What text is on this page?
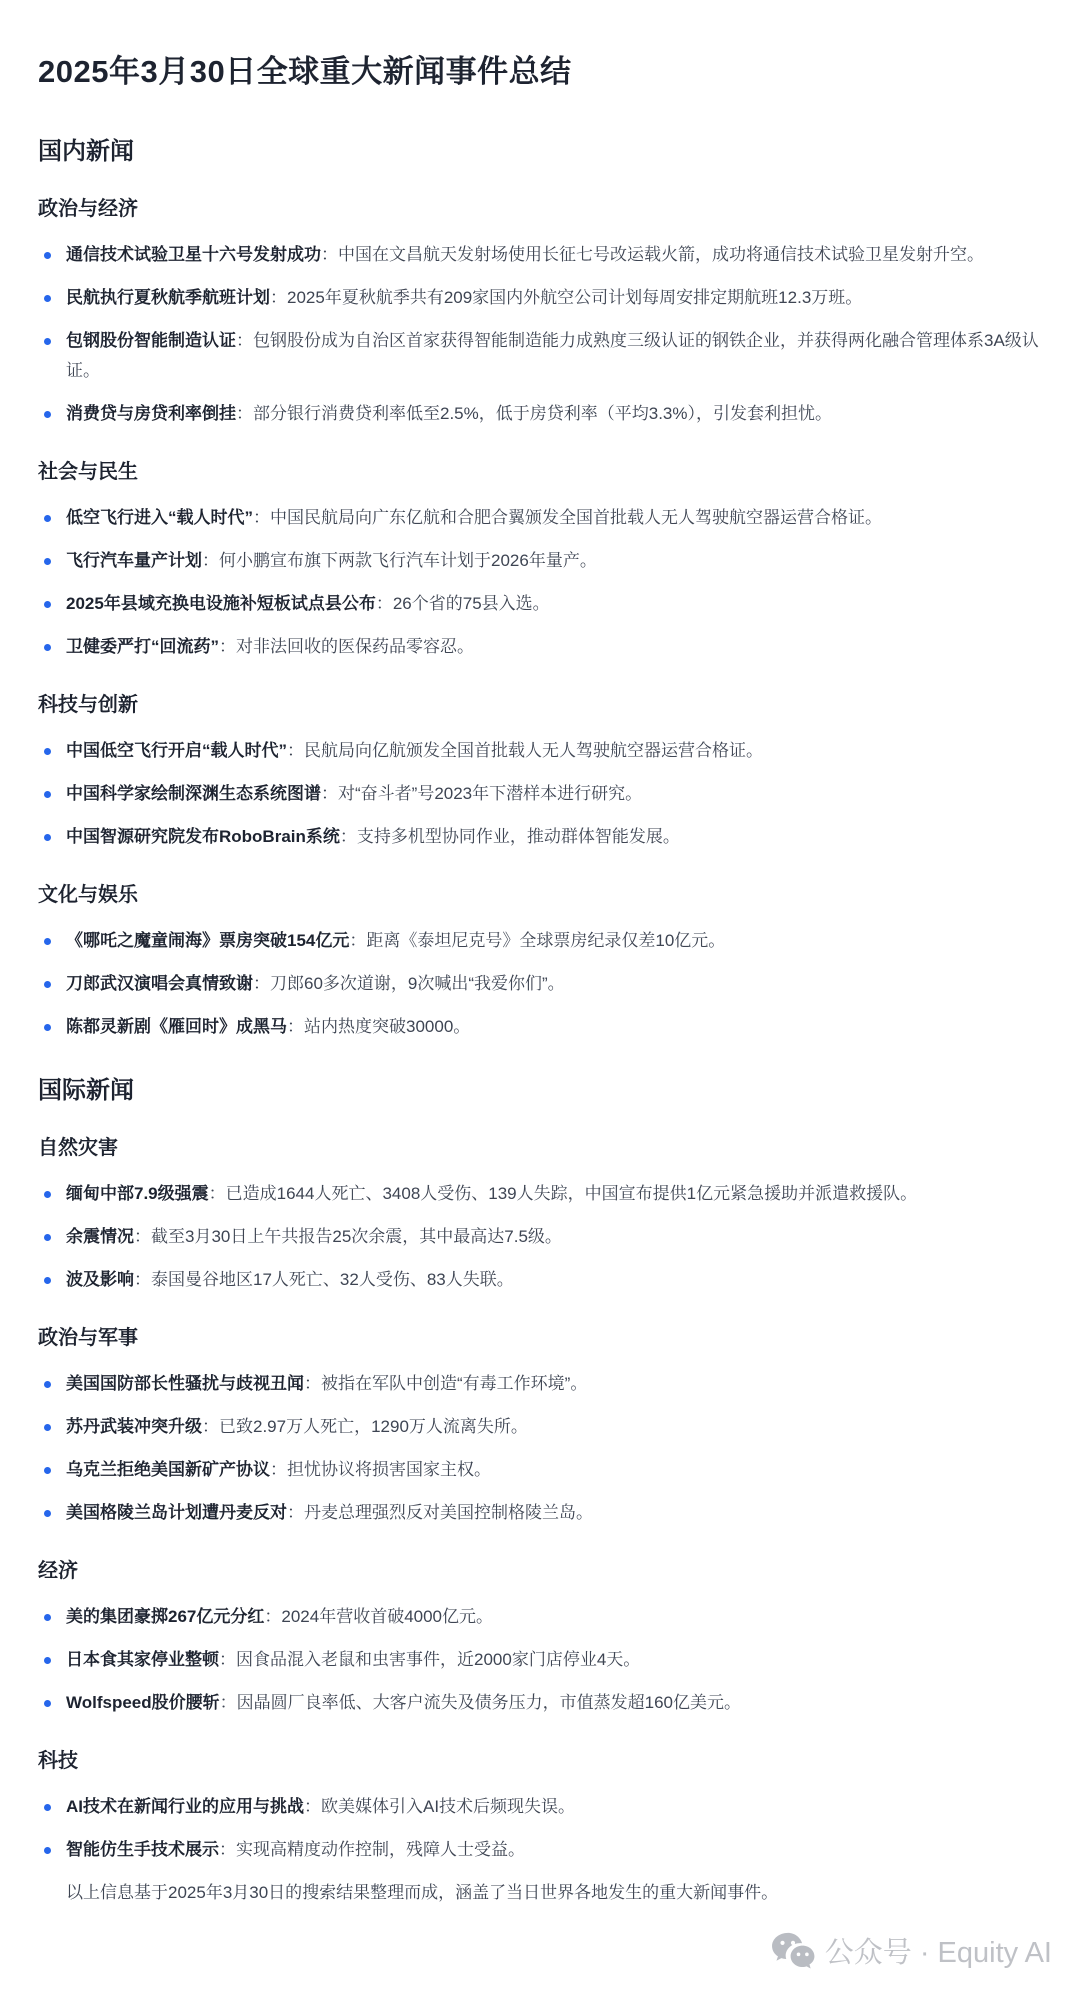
2025年3月30日全球重大新闻事件总结
国内新闻
政治与经济
通信技术试验卫星十六号发射成功：中国在文昌航天发射场使用长征七号改运载火箭，成功将通信技术试验卫星发射升空。
民航执行夏秋航季航班计划：2025年夏秋航季共有209家国内外航空公司计划每周安排定期航班12.3万班。
包钢股份智能制造认证：包钢股份成为自治区首家获得智能制造能力成熟度三级认证的钢铁企业，并获得两化融合管理体系3A级认证。
消费贷与房贷利率倒挂：部分银行消费贷利率低至2.5%，低于房贷利率（平均3.3%），引发套利担忧。
社会与民生
低空飞行进入“载人时代”：中国民航局向广东亿航和合肥合翼颁发全国首批载人无人驾驶航空器运营合格证。
飞行汽车量产计划：何小鹏宣布旗下两款飞行汽车计划于2026年量产。
2025年县域充换电设施补短板试点县公布：26个省的75县入选。
卫健委严打“回流药”：对非法回收的医保药品零容忍。
科技与创新
中国低空飞行开启“载人时代”：民航局向亿航颁发全国首批载人无人驾驶航空器运营合格证。
中国科学家绘制深渊生态系统图谱：对“奋斗者”号2023年下潜样本进行研究。
中国智源研究院发布RoboBrain系统：支持多机型协同作业，推动群体智能发展。
文化与娱乐
《哪吒之魔童闹海》票房突破154亿元：距离《泰坦尼克号》全球票房纪录仅差10亿元。
刀郎武汉演唱会真情致谢：刀郎60多次道谢，9次喊出“我爱你们”。
陈都灵新剧《雁回时》成黑马：站内热度突破30000。
国际新闻
自然灾害
缅甸中部7.9级强震：已造成1644人死亡、3408人受伤、139人失踪，中国宣布提供1亿元紧急援助并派遣救援队。
余震情况：截至3月30日上午共报告25次余震，其中最高达7.5级。
波及影响：泰国曼谷地区17人死亡、32人受伤、83人失联。
政治与军事
美国国防部长性骚扰与歧视丑闻：被指在军队中创造“有毒工作环境”。
苏丹武装冲突升级：已致2.97万人死亡，1290万人流离失所。
乌克兰拒绝美国新矿产协议：担忧协议将损害国家主权。
美国格陵兰岛计划遭丹麦反对：丹麦总理强烈反对美国控制格陵兰岛。
经济
美的集团豪掷267亿元分红：2024年营收首破4000亿元。
日本食其家停业整顿：因食品混入老鼠和虫害事件，近2000家门店停业4天。
Wolfspeed股价腰斩：因晶圆厂良率低、大客户流失及债务压力，市值蒸发超160亿美元。
科技
AI技术在新闻行业的应用与挑战：欧美媒体引入AI技术后频现失误。
智能仿生手技术展示：实现高精度动作控制，残障人士受益。

以上信息基于2025年3月30日的搜索结果整理而成，涵盖了当日世界各地发生的重大新闻事件。

公众号 · Equity AI
